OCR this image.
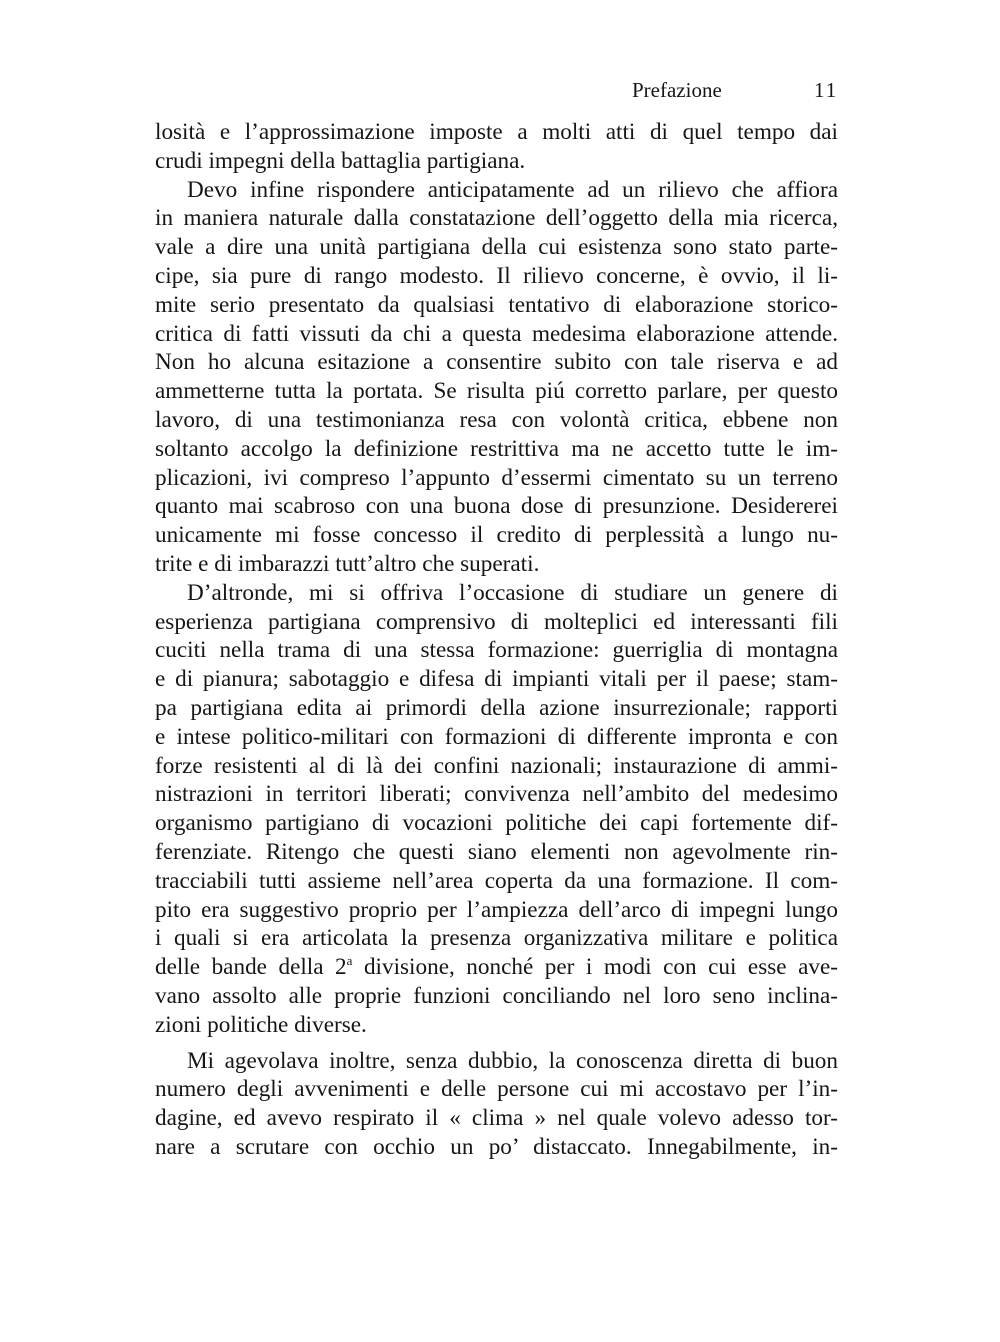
Prefazione	11
losità e l’approssimazione imposte a molti atti di quel tempo dai
crudi impegni della battaglia partigiana.
Devo infine rispondere anticipatamente ad un rilievo che affiora
in maniera naturale dalla constatazione dell’oggetto della mia ricerca,
vale a dire una unità partigiana della cui esistenza sono stato parte-
cipe, sia pure di rango modesto. Il rilievo concerne, è ovvio, il li-
mite serio presentato da qualsiasi tentativo di elaborazione storico-
critica di fatti vissuti da chi a questa medesima elaborazione attende.
Non ho alcuna esitazione a consentire subito con tale riserva e ad
ammetterne tutta la portata. Se risulta piú corretto parlare, per questo
lavoro, di una testimonianza resa con volontà critica, ebbene non
soltanto accolgo la definizione restrittiva ma ne accetto tutte le im-
plicazioni, ivi compreso l’appunto d’essermi cimentato su un terreno
quanto mai scabroso con una buona dose di presunzione. Desidererei
unicamente mi fosse concesso il credito di perplessità a lungo nu-
trite e di imbarazzi tutt’altro che superati.
D’altronde, mi si offriva l’occasione di studiare un genere di
esperienza partigiana comprensivo di molteplici ed interessanti fili
cuciti nella trama di una stessa formazione: guerriglia di montagna
e di pianura; sabotaggio e difesa di impianti vitali per il paese; stam-
pa partigiana edita ai primordi della azione insurrezionale; rapporti
e intese politico-militari con formazioni di differente impronta e con
forze resistenti al di là dei confini nazionali; instaurazione di ammi-
nistrazioni in territori liberati; convivenza nell’ambito del medesimo
organismo partigiano di vocazioni politiche dei capi fortemente dif-
ferenziate. Ritengo che questi siano elementi non agevolmente rin-
tracciabili tutti assieme nell’area coperta da una formazione. Il com-
pito era suggestivo proprio per l’ampiezza dell’arco di impegni lungo
i quali si era articolata la presenza organizzativa militare e politica
delle bande della 2$^a$ divisione, nonché per i modi con cui esse ave-
vano assolto alle proprie funzioni conciliando nel loro seno inclina-
zioni politiche diverse.
Mi agevolava inoltre, senza dubbio, la conoscenza diretta di buon
numero degli avvenimenti e delle persone cui mi accostavo per l’in-
dagine, ed avevo respirato il « clima » nel quale volevo adesso tor-
nare a scrutare con occhio un po’ distaccato. Innegabilmente, in-
